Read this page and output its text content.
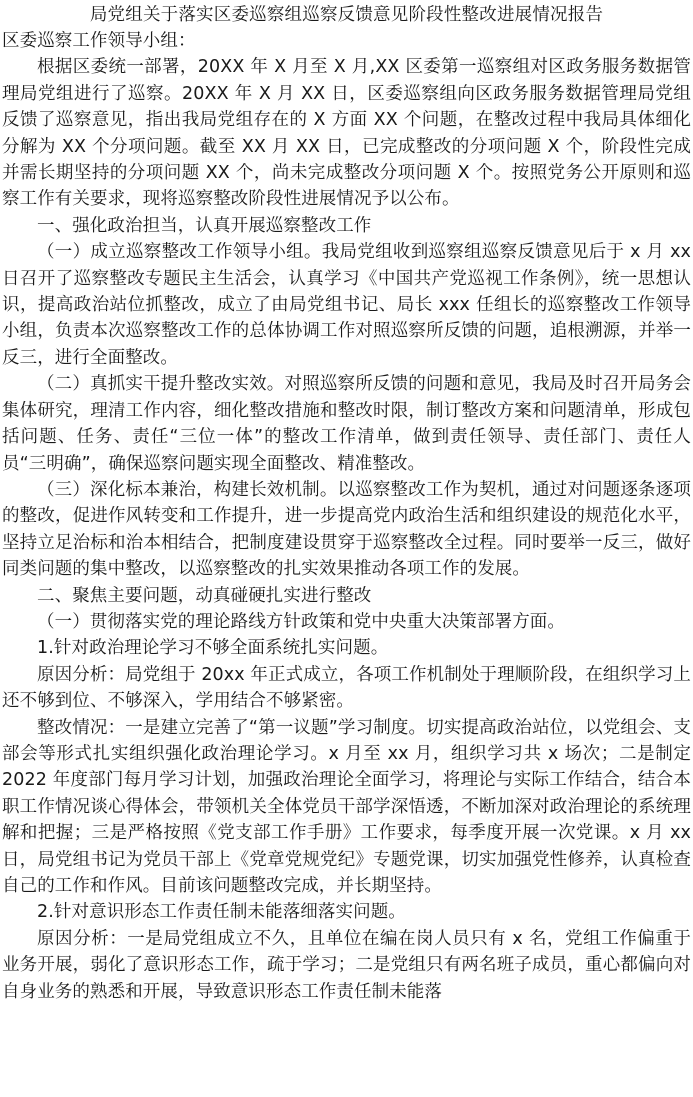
局党组关于落实区委巡察组巡察反馈意见阶段性整改进展情况报告

区委巡察工作领导小组：

根据区委统一部署，20XX 年 X 月至 X 月,XX 区委第一巡察组对区政务服务数据管理局党组进行了巡察。20XX 年 X 月 XX 日，区委巡察组向区政务服务数据管理局党组反馈了巡察意见，指出我局党组存在的 X 方面 XX 个问题，在整改过程中我局具体细化分解为 XX 个分项问题。截至 XX 月 XX 日，已完成整改的分项问题 X 个，阶段性完成并需长期坚持的分项问题 XX 个，尚未完成整改分项问题 X 个。按照党务公开原则和巡察工作有关要求，现将巡察整改阶段性进展情况予以公布。

一、强化政治担当，认真开展巡察整改工作

（一）成立巡察整改工作领导小组。我局党组收到巡察组巡察反馈意见后于 x 月 xx 日召开了巡察整改专题民主生活会，认真学习《中国共产党巡视工作条例》，统一思想认识，提高政治站位抓整改，成立了由局党组书记、局长 xxx 任组长的巡察整改工作领导小组，负责本次巡察整改工作的总体协调工作对照巡察所反馈的问题，追根溯源，并举一反三，进行全面整改。

（二）真抓实干提升整改实效。对照巡察所反馈的问题和意见，我局及时召开局务会集体研究，理清工作内容，细化整改措施和整改时限，制订整改方案和问题清单，形成包括问题、任务、责任“三位一体”的整改工作清单，做到责任领导、责任部门、责任人员“三明确”，确保巡察问题实现全面整改、精准整改。

（三）深化标本兼治，构建长效机制。以巡察整改工作为契机，通过对问题逐条逐项的整改，促进作风转变和工作提升，进一步提高党内政治生活和组织建设的规范化水平，坚持立足治标和治本相结合，把制度建设贯穿于巡察整改全过程。同时要举一反三，做好同类问题的集中整改，以巡察整改的扎实效果推动各项工作的发展。

二、聚焦主要问题，动真碰硬扎实进行整改

（一）贯彻落实党的理论路线方针政策和党中央重大决策部署方面。

1.针对政治理论学习不够全面系统扎实问题。

原因分析：局党组于 20xx 年正式成立，各项工作机制处于理顺阶段，在组织学习上还不够到位、不够深入，学用结合不够紧密。

整改情况：一是建立完善了“第一议题”学习制度。切实提高政治站位，以党组会、支部会等形式扎实组织强化政治理论学习。x 月至 xx 月，组织学习共 x 场次；二是制定 2022 年度部门每月学习计划，加强政治理论全面学习，将理论与实际工作结合，结合本职工作情况谈心得体会，带领机关全体党员干部学深悟透，不断加深对政治理论的系统理解和把握；三是严格按照《党支部工作手册》工作要求，每季度开展一次党课。x 月 xx 日，局党组书记为党员干部上《党章党规党纪》专题党课，切实加强党性修养，认真检查自己的工作和作风。目前该问题整改完成，并长期坚持。

2.针对意识形态工作责任制未能落细落实问题。

原因分析：一是局党组成立不久，且单位在编在岗人员只有 x 名，党组工作偏重于业务开展，弱化了意识形态工作，疏于学习；二是党组只有两名班子成员，重心都偏向对自身业务的熟悉和开展，导致意识形态工作责任制未能落
